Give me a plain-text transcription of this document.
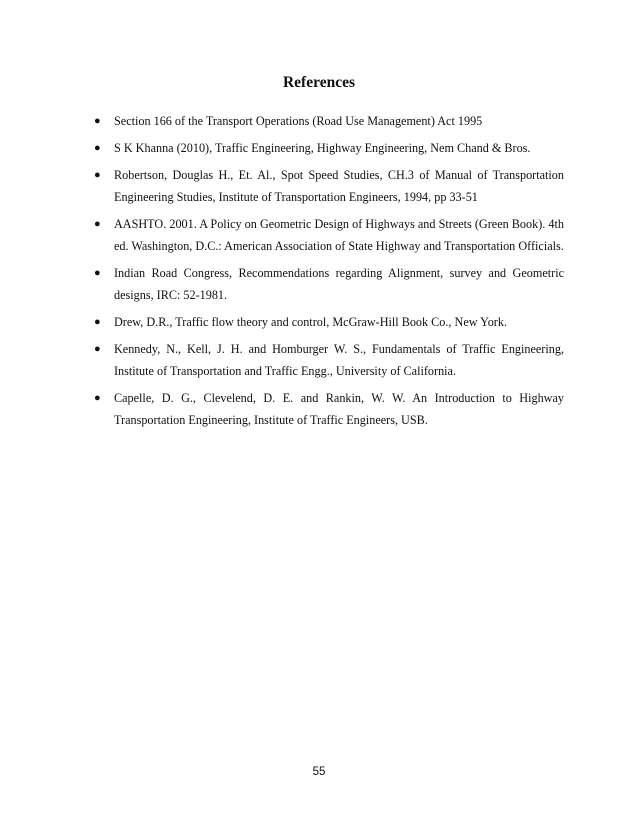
References
● Section 166 of the Transport Operations (Road Use Management) Act 1995
● S K Khanna (2010), Traffic Engineering, Highway Engineering, Nem Chand & Bros.
● Robertson, Douglas H., Et. Al., Spot Speed Studies, CH.3 of Manual of Transportation Engineering Studies, Institute of Transportation Engineers, 1994, pp 33-51
● AASHTO. 2001. A Policy on Geometric Design of Highways and Streets (Green Book). 4th ed. Washington, D.C.: American Association of State Highway and Transportation Officials.
● Indian Road Congress, Recommendations regarding Alignment, survey and Geometric designs, IRC: 52-1981.
● Drew, D.R., Traffic flow theory and control, McGraw-Hill Book Co., New York.
● Kennedy, N., Kell, J. H. and Homburger W. S., Fundamentals of Traffic Engineering, Institute of Transportation and Traffic Engg., University of California.
● Capelle, D. G., Clevelend, D. E. and Rankin, W. W. An Introduction to Highway Transportation Engineering, Institute of Traffic Engineers, USB.
55
